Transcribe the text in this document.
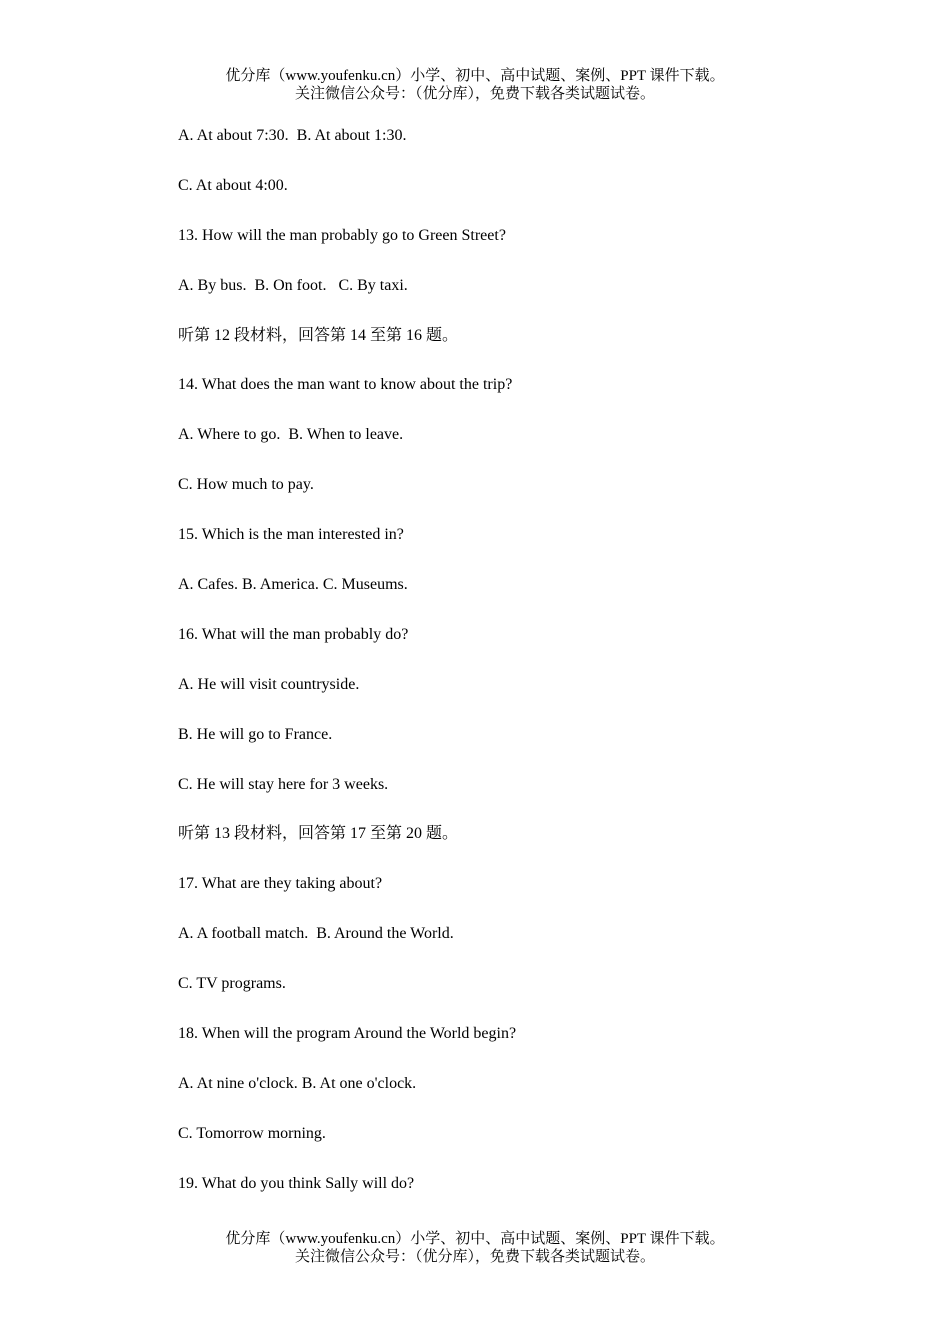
优分库（www.youfenku.cn）小学、初中、高中试题、案例、PPT 课件下载。
关注微信公众号：（优分库），免费下载各类试题试卷。
A. At about 7:30.  B. At about 1:30.
C. At about 4:00.
13. How will the man probably go to Green Street?
A. By bus.  B. On foot.   C. By taxi.
听第 12 段材料，回答第 14 至第 16 题。
14. What does the man want to know about the trip?
A. Where to go.  B. When to leave.
C. How much to pay.
15. Which is the man interested in?
A. Cafes. B. America. C. Museums.
16. What will the man probably do?
A. He will visit countryside.
B. He will go to France.
C. He will stay here for 3 weeks.
听第 13 段材料，回答第 17 至第 20 题。
17. What are they taking about?
A. A football match.  B. Around the World.
C. TV programs.
18. When will the program Around the World begin?
A. At nine o'clock. B. At one o'clock.
C. Tomorrow morning.
19. What do you think Sally will do?
优分库（www.youfenku.cn）小学、初中、高中试题、案例、PPT 课件下载。
关注微信公众号：（优分库），免费下载各类试题试卷。
